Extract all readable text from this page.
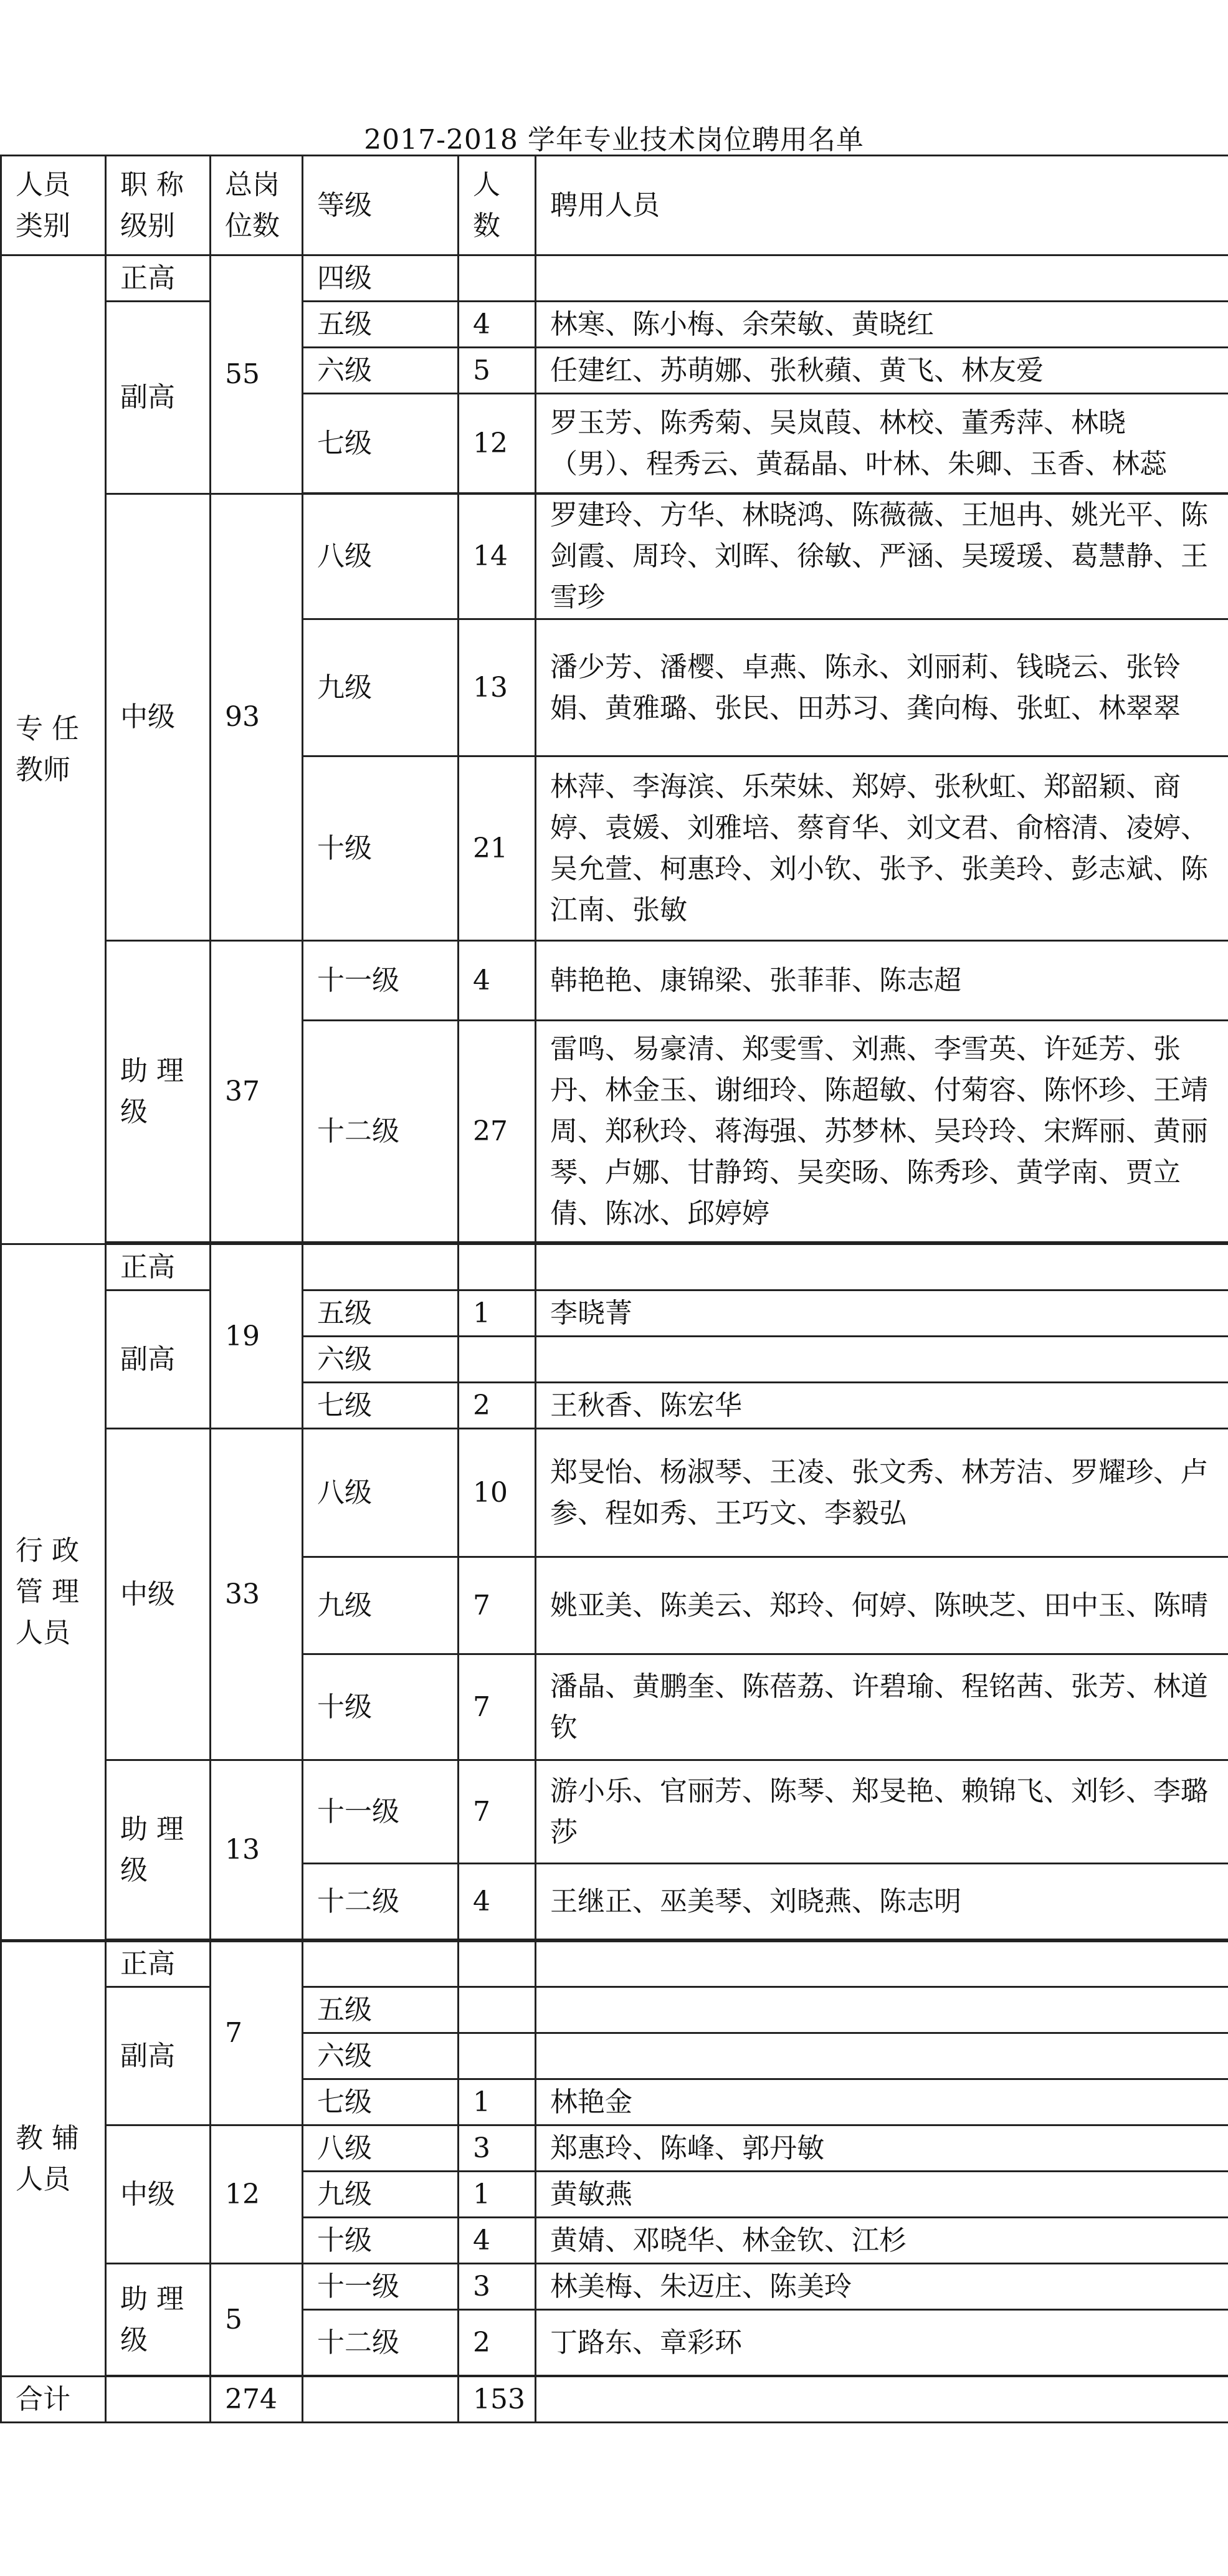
2017-2018 学年专业技术岗位聘用名单
人员类别	职 称级别	总岗位数	等级	人数	聘用人员
专 任教师	正高	55	四级		
	副高		五级	4	林寒、陈小梅、余荣敏、黄晓红
			六级	5	任建红、苏萌娜、张秋蘋、黄飞、林友爱
			七级	12	罗玉芳、陈秀菊、吴岚葭、林校、董秀萍、林晓（男）、程秀云、黄磊晶、叶林、朱卿、玉香、林蕊

	中级	93	八级	14	罗建玲、方华、林晓鸿、陈薇薇、王旭冉、姚光平、陈剑霞、周玲、刘晖、徐敏、严涵、吴瑷瑗、葛慧静、王雪珍
			九级	13	潘少芳、潘樱、卓燕、陈永、刘丽莉、钱晓云、张铃娟、黄雅璐、张民、田苏习、龚向梅、张虹、林翠翠
			十级	21	林萍、李海滨、乐荣妹、郑婷、张秋虹、郑韶颖、商婷、袁媛、刘雅培、蔡育华、刘文君、俞榕清、凌婷、吴允萱、柯惠玲、刘小钦、张予、张美玲、彭志斌、陈江南、张敏
	助 理级	37	十一级	4	韩艳艳、康锦梁、张菲菲、陈志超
			十二级	27	雷鸣、易豪清、郑雯雪、刘燕、李雪英、许延芳、张丹、林金玉、谢细玲、陈超敏、付菊容、陈怀珍、王靖周、郑秋玲、蒋海强、苏梦林、吴玲玲、宋辉丽、黄丽琴、卢娜、甘静筠、吴奕旸、陈秀珍、黄学南、贾立倩、陈冰、邱婷婷

行 政管 理人员	正高	19			
	副高		五级	1	李晓菁
			六级		
			七级	2	王秋香、陈宏华
	中级	33	八级	10	郑旻怡、杨淑琴、王凌、张文秀、林芳洁、罗耀珍、卢参、程如秀、王巧文、李毅弘
			九级	7	姚亚美、陈美云、郑玲、何婷、陈映芝、田中玉、陈晴
			十级	7	潘晶、黄鹏奎、陈蓓荔、许碧瑜、程铭茜、张芳、林道钦
	助 理级	13	十一级	7	游小乐、官丽芳、陈琴、郑旻艳、赖锦飞、刘钐、李璐莎
			十二级	4	王继正、巫美琴、刘晓燕、陈志明

教 辅人员	正高	7			
	副高		五级		
			六级		
			七级	1	林艳金
	中级	12	八级	3	郑惠玲、陈峰、郭丹敏
			九级	1	黄敏燕
			十级	4	黄婧、邓晓华、林金钦、江杉
	助 理级	5	十一级	3	林美梅、朱迈庄、陈美玲
			十二级	2	丁路东、章彩环

合计		274		153	
